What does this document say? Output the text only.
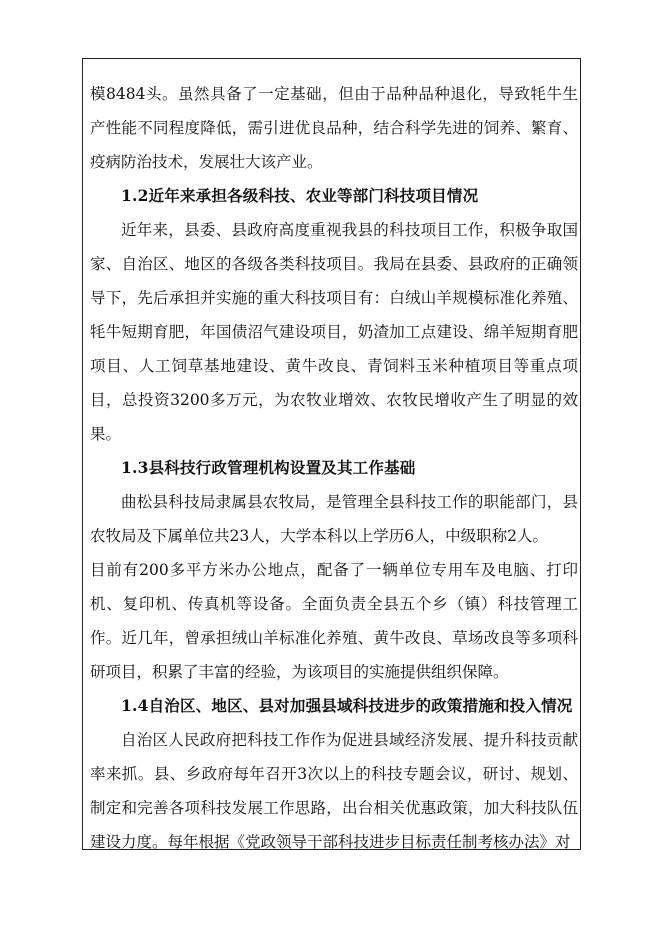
模8484头。虽然具备了一定基础，但由于品种品种退化，导致牦牛生产性能不同程度降低，需引进优良品种，结合科学先进的饲养、繁育、疫病防治技术，发展壮大该产业。

1.2近年来承担各级科技、农业等部门科技项目情况

近年来，县委、县政府高度重视我县的科技项目工作，积极争取国家、自治区、地区的各级各类科技项目。我局在县委、县政府的正确领导下，先后承担并实施的重大科技项目有：白绒山羊规模标准化养殖、牦牛短期育肥，年国债沼气建设项目，奶渣加工点建设、绵羊短期育肥项目、人工饲草基地建设、黄牛改良、青饲料玉米种植项目等重点项目，总投资3200多万元，为农牧业增效、农牧民增收产生了明显的效果。

1.3县科技行政管理机构设置及其工作基础

曲松县科技局隶属县农牧局，是管理全县科技工作的职能部门，县农牧局及下属单位共23人，大学本科以上学历6人，中级职称2人。

目前有200多平方米办公地点，配备了一辆单位专用车及电脑、打印机、复印机、传真机等设备。全面负责全县五个乡（镇）科技管理工作。近几年，曾承担绒山羊标准化养殖、黄牛改良、草场改良等多项科研项目，积累了丰富的经验，为该项目的实施提供组织保障。

1.4自治区、地区、县对加强县域科技进步的政策措施和投入情况

自治区人民政府把科技工作作为促进县域经济发展、提升科技贡献率来抓。县、乡政府每年召开3次以上的科技专题会议，研讨、规划、制定和完善各项科技发展工作思路，出台相关优惠政策，加大科技队伍建设力度。每年根据《党政领导干部科技进步目标责任制考核办法》对
